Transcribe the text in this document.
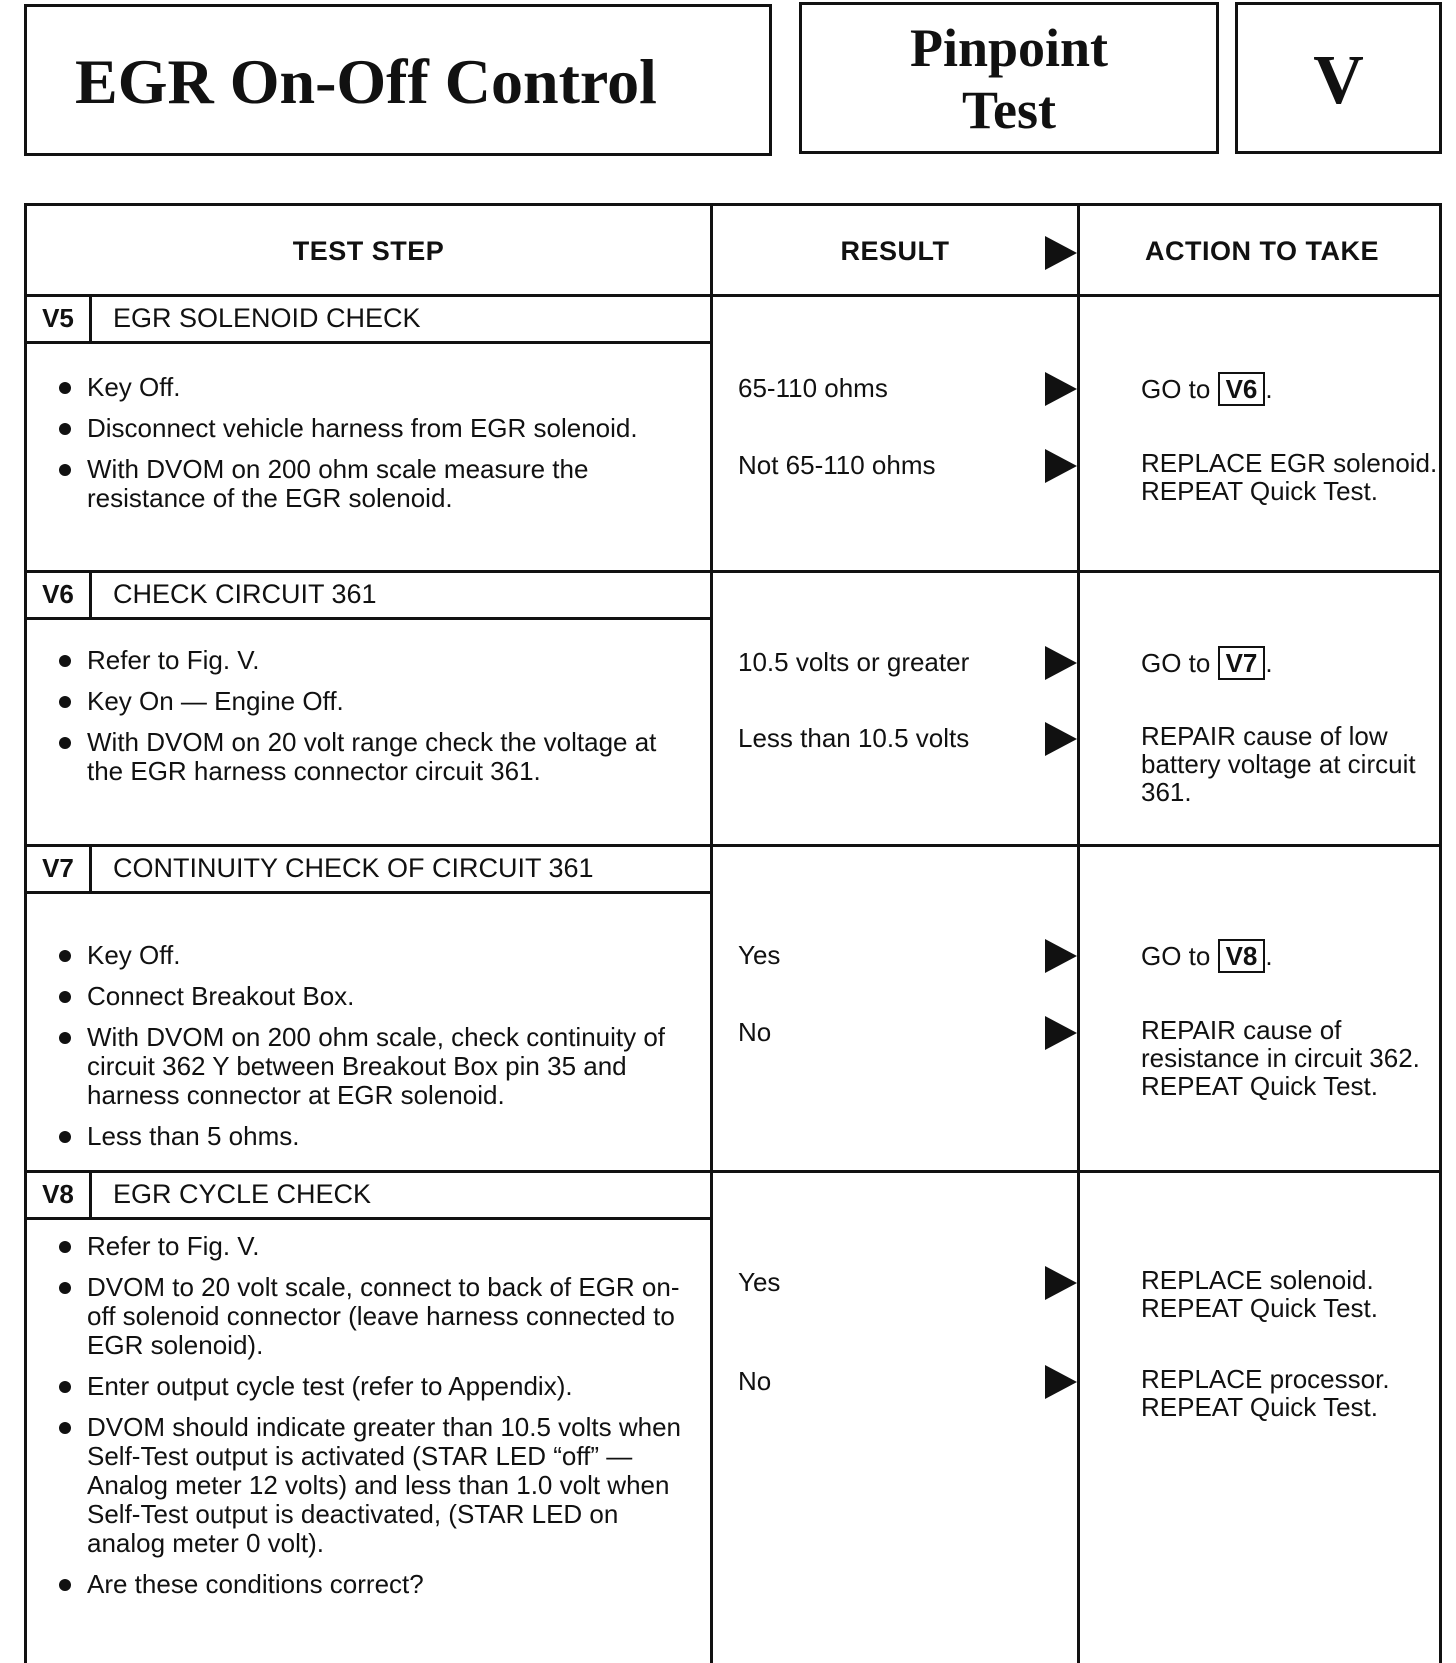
EGR On-Off Control	Pinpoint
Test	V
TEST STEP	RESULT	ACTION TO TAKE
V5	EGR SOLENOID CHECK
Key Off.
Disconnect vehicle harness from EGR solenoid.
With DVOM on 200 ohm scale measure the resistance of the EGR solenoid.
65-110 ohms	GO to V6 .
Not 65-110 ohms	REPLACE EGR solenoid. REPEAT Quick Test.
V6	CHECK CIRCUIT 361
Refer to Fig. V.
Key On — Engine Off.
With DVOM on 20 volt range check the voltage at the EGR harness connector circuit 361.
10.5 volts or greater	GO to V7 .
Less than 10.5 volts	REPAIR cause of low battery voltage at circuit 361.
V7	CONTINUITY CHECK OF CIRCUIT 361
Key Off.
Connect Breakout Box.
With DVOM on 200 ohm scale, check continuity of circuit 362 Y between Breakout Box pin 35 and harness connector at EGR solenoid.
Less than 5 ohms.
Yes	GO to V8 .
No	REPAIR cause of resistance in circuit 362. REPEAT Quick Test.
V8	EGR CYCLE CHECK
Refer to Fig. V.
DVOM to 20 volt scale, connect to back of EGR on-off solenoid connector (leave harness connected to EGR solenoid).
Enter output cycle test (refer to Appendix).
DVOM should indicate greater than 10.5 volts when Self-Test output is activated (STAR LED “off” — Analog meter 12 volts) and less than 1.0 volt when Self-Test output is deactivated, (STAR LED on analog meter 0 volt).
Are these conditions correct?
Yes	REPLACE solenoid. REPEAT Quick Test.
No	REPLACE processor. REPEAT Quick Test.
